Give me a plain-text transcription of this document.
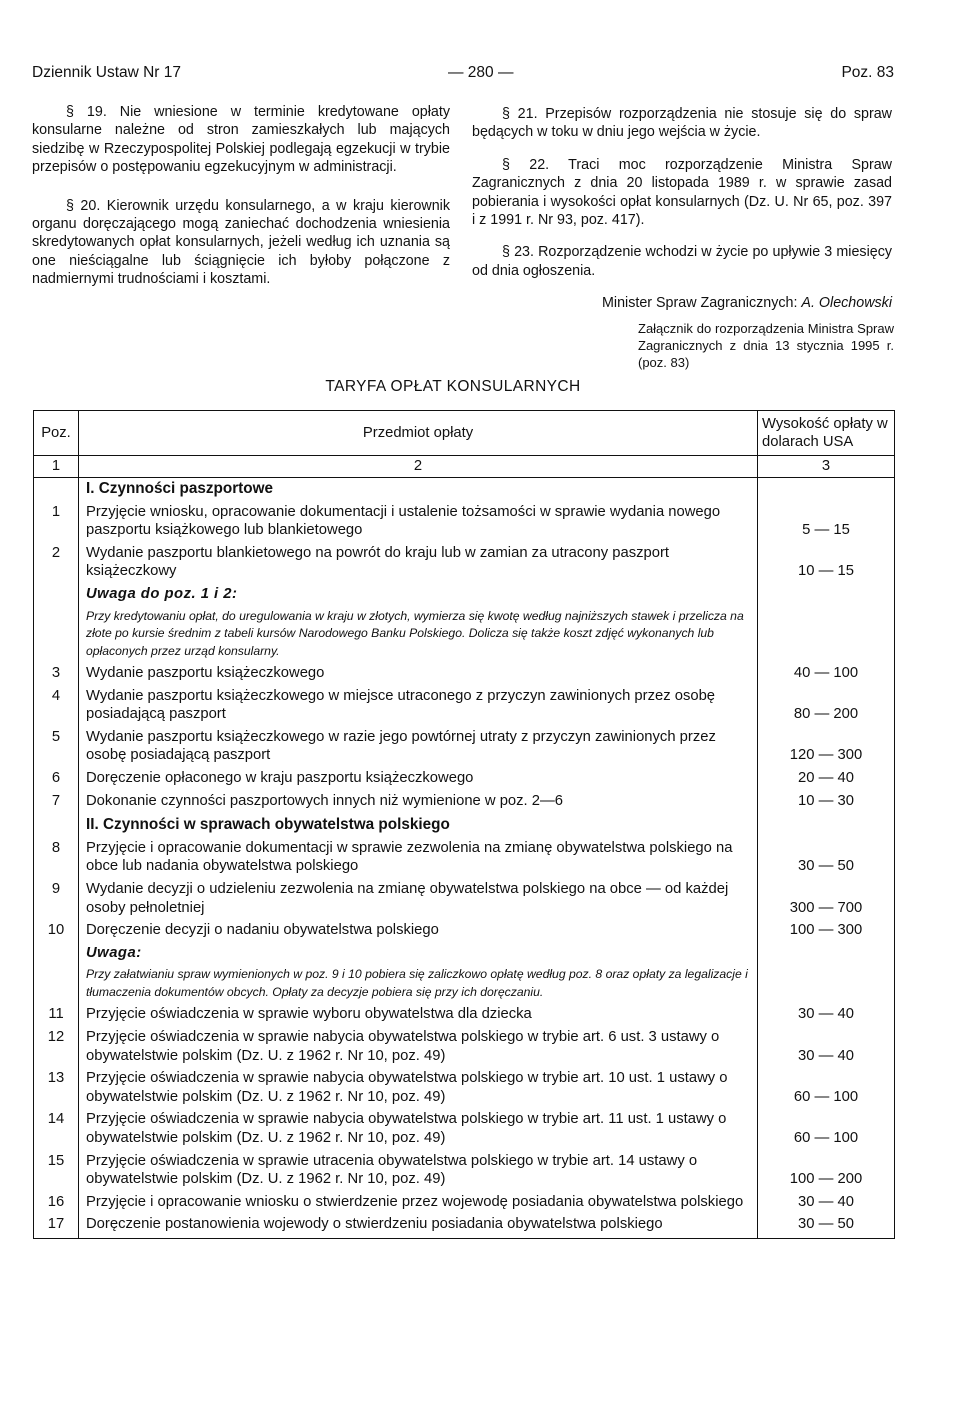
Dziennik Ustaw Nr 17	— 280 —	Poz. 83

§ 19. Nie wniesione w terminie kredytowane opłaty konsularne należne od stron zamieszkałych lub mających siedzibę w Rzeczypospolitej Polskiej podlegają egzekucji w trybie przepisów o postępowaniu egzekucyjnym w administracji.

§ 20. Kierownik urzędu konsularnego, a w kraju kierownik organu doręczającego mogą zaniechać dochodzenia wniesienia skredytowanych opłat konsularnych, jeżeli według ich uznania są one nieściągalne lub ściągnięcie ich byłoby połączone z nadmiernymi trudnościami i kosztami.

§ 21. Przepisów rozporządzenia nie stosuje się do spraw będących w toku w dniu jego wejścia w życie.

§ 22. Traci moc rozporządzenie Ministra Spraw Zagranicznych z dnia 20 listopada 1989 r. w sprawie zasad pobierania i wysokości opłat konsularnych (Dz. U. Nr 65, poz. 397 i z 1991 r. Nr 93, poz. 417).

§ 23. Rozporządzenie wchodzi w życie po upływie 3 miesięcy od dnia ogłoszenia.

Minister Spraw Zagranicznych: A. Olechowski

Załącznik do rozporządzenia Ministra Spraw Zagranicznych z dnia 13 stycznia 1995 r. (poz. 83)
TARYFA OPŁAT KONSULARNYCH
Poz.	Przedmiot opłaty	Wysokość opłaty w dolarach USA
1	2	3
	I. Czynności paszportowe	
1	Przyjęcie wniosku, opracowanie dokumentacji i ustalenie tożsamości w sprawie wydania nowego paszportu książkowego lub blankietowego	5 — 15
2	Wydanie paszportu blankietowego na powrót do kraju lub w zamian za utracony paszport książeczkowy	10 — 15
	Uwaga do poz. 1 i 2:	
	Przy kredytowaniu opłat, do uregulowania w kraju w złotych, wymierza się kwotę według najniższych stawek i przelicza na złote po kursie średnim z tabeli kursów Narodowego Banku Polskiego. Dolicza się także koszt zdjęć wykonanych lub opłaconych przez urząd konsularny.	
3	Wydanie paszportu książeczkowego	40 — 100
4	Wydanie paszportu książeczkowego w miejsce utraconego z przyczyn zawinionych przez osobę posiadającą paszport	80 — 200
5	Wydanie paszportu książeczkowego w razie jego powtórnej utraty z przyczyn zawinionych przez osobę posiadającą paszport	120 — 300
6	Doręczenie opłaconego w kraju paszportu książeczkowego	20 — 40
7	Dokonanie czynności paszportowych innych niż wymienione w poz. 2—6	10 — 30
	II. Czynności w sprawach obywatelstwa polskiego	
8	Przyjęcie i opracowanie dokumentacji w sprawie zezwolenia na zmianę obywatelstwa polskiego na obce lub nadania obywatelstwa polskiego	30 — 50
9	Wydanie decyzji o udzieleniu zezwolenia na zmianę obywatelstwa polskiego na obce — od każdej osoby pełnoletniej	300 — 700
10	Doręczenie decyzji o nadaniu obywatelstwa polskiego	100 — 300
	Uwaga:	
	Przy załatwianiu spraw wymienionych w poz. 9 i 10 pobiera się zaliczkowo opłatę według poz. 8 oraz opłaty za legalizacje i tłumaczenia dokumentów obcych. Opłaty za decyzje pobiera się przy ich doręczaniu.	
11	Przyjęcie oświadczenia w sprawie wyboru obywatelstwa dla dziecka	30 — 40
12	Przyjęcie oświadczenia w sprawie nabycia obywatelstwa polskiego w trybie art. 6 ust. 3 ustawy o obywatelstwie polskim (Dz. U. z 1962 r. Nr 10, poz. 49)	30 — 40
13	Przyjęcie oświadczenia w sprawie nabycia obywatelstwa polskiego w trybie art. 10 ust. 1 ustawy o obywatelstwie polskim (Dz. U. z 1962 r. Nr 10, poz. 49)	60 — 100
14	Przyjęcie oświadczenia w sprawie nabycia obywatelstwa polskiego w trybie art. 11 ust. 1 ustawy o obywatelstwie polskim (Dz. U. z 1962 r. Nr 10, poz. 49)	60 — 100
15	Przyjęcie oświadczenia w sprawie utracenia obywatelstwa polskiego w trybie art. 14 ustawy o obywatelstwie polskim (Dz. U. z 1962 r. Nr 10, poz. 49)	100 — 200
16	Przyjęcie i opracowanie wniosku o stwierdzenie przez wojewodę posiadania obywatelstwa polskiego	30 — 40
17	Doręczenie postanowienia wojewody o stwierdzeniu posiadania obywatelstwa polskiego	30 — 50
